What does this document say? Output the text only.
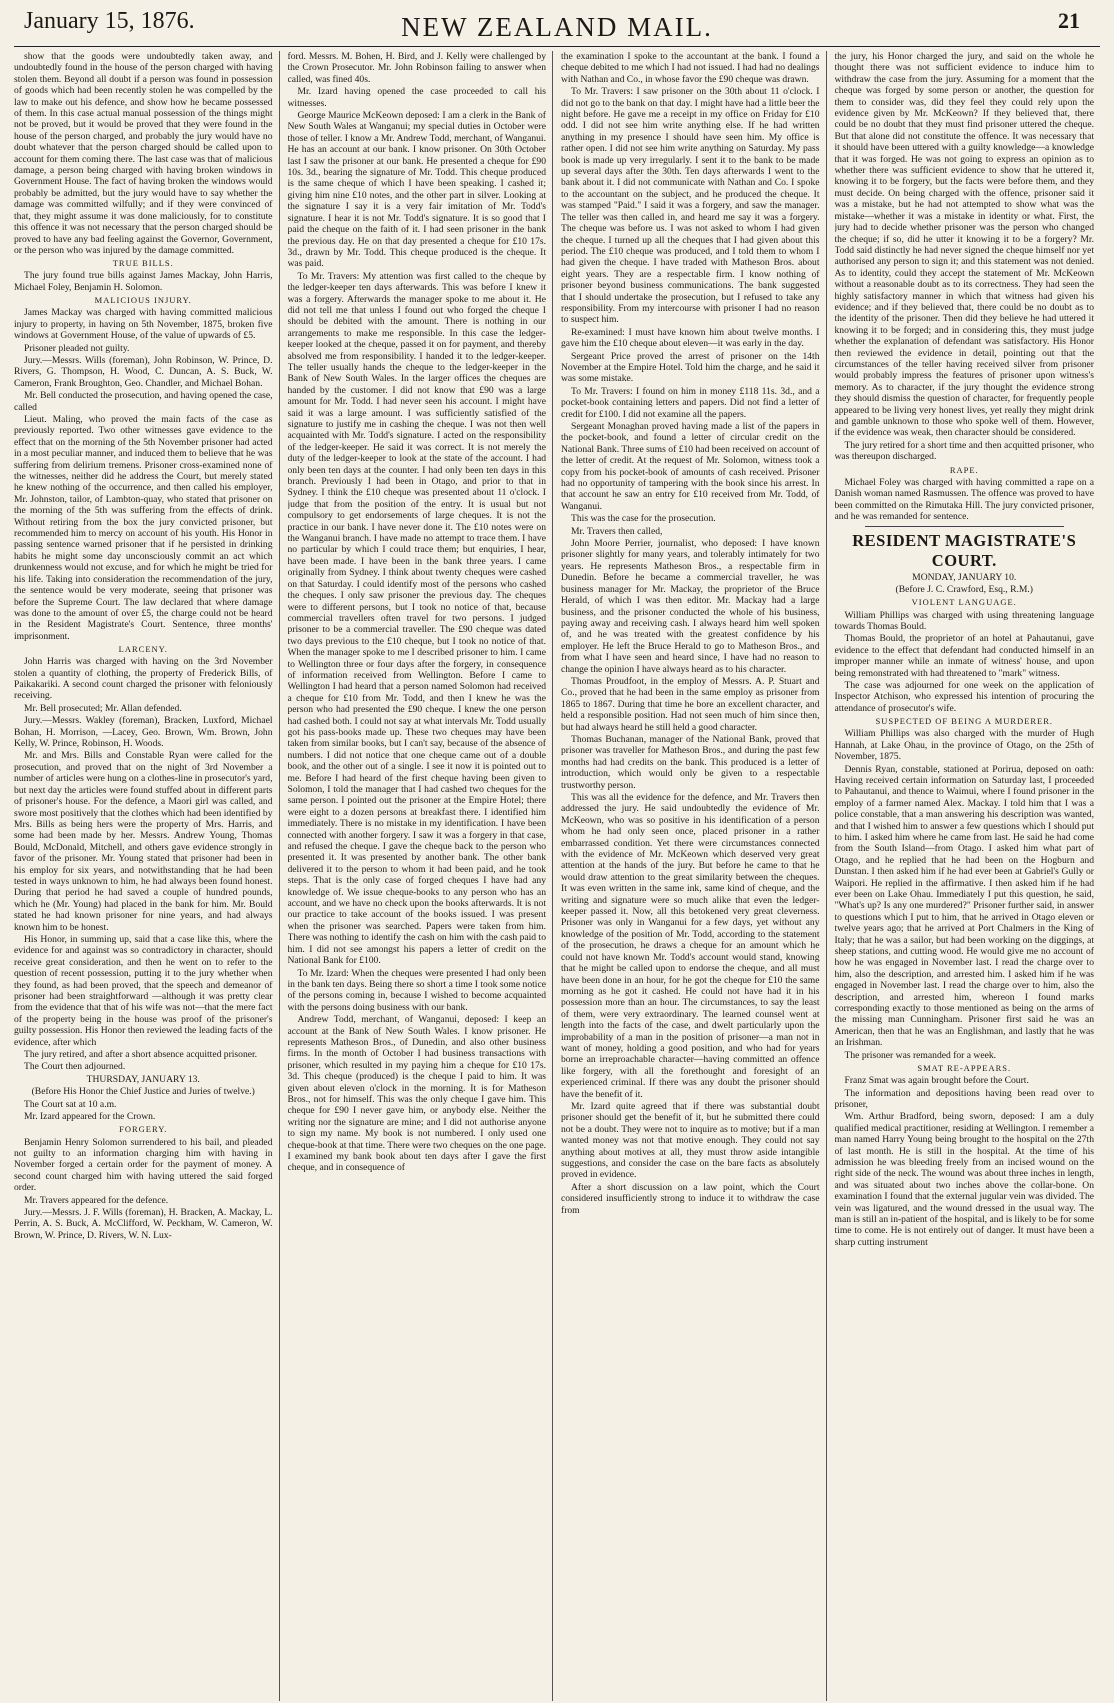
January 15, 1876.	NEW ZEALAND MAIL.	21

show that the goods were undoubtedly taken away, and undoubtedly found in the house of the person charged with having stolen them. Beyond all doubt if a person was found in possession of goods which had been recently stolen he was compelled by the law to make out his defence, and show how he became possessed of them. In this case actual manual possession of the things might not be proved, but it would be proved that they were found in the house of the person charged, and probably the jury would have no doubt whatever that the person charged should be called upon to account for them coming there. The last case was that of malicious damage, a person being charged with having broken windows in Government House. The fact of having broken the windows would probably be admitted, but the jury would have to say whether the damage was committed wilfully; and if they were convinced of that, they might assume it was done maliciously, for to constitute this offence it was not necessary that the person charged should be proved to have any bad feeling against the Governor, Government, or the person who was injured by the damage committed.

TRUE BILLS.

The jury found true bills against James Mackay, John Harris, Michael Foley, Benjamin H. Solomon.

MALICIOUS INJURY.

James Mackay was charged with having committed malicious injury to property, in having on 5th November, 1875, broken five windows at Government House, of the value of upwards of £5.

Prisoner pleaded not guilty.

Jury.—Messrs. Wills (foreman), John Robinson, W. Prince, D. Rivers, G. Thompson, H. Wood, C. Duncan, A. S. Buck, W. Cameron, Frank Broughton, Geo. Chandler, and Michael Bohan.

Mr. Bell conducted the prosecution, and having opened the case, called

Lieut. Maling, who proved the main facts of the case as previously reported. Two other witnesses gave evidence to the effect that on the morning of the 5th November prisoner had acted in a most peculiar manner, and induced them to believe that he was suffering from delirium tremens. Prisoner cross-examined none of the witnesses, neither did he address the Court, but merely stated he knew nothing of the occurrence, and then called his employer, Mr. Johnston, tailor, of Lambton-quay, who stated that prisoner on the morning of the 5th was suffering from the effects of drink. Without retiring from the box the jury convicted prisoner, but recommended him to mercy on account of his youth. His Honor in passing sentence warned prisoner that if he persisted in drinking habits he might some day unconsciously commit an act which drunkenness would not excuse, and for which he might be tried for his life. Taking into consideration the recommendation of the jury, the sentence would be very moderate, seeing that prisoner was before the Supreme Court. The law declared that where damage was done to the amount of over £5, the charge could not be heard in the Resident Magistrate's Court. Sentence, three months' imprisonment.

LARCENY.

John Harris was charged with having on the 3rd November stolen a quantity of clothing, the property of Frederick Bills, of Paikakariki. A second count charged the prisoner with feloniously receiving.

Mr. Bell prosecuted; Mr. Allan defended.

Jury.—Messrs. Wakley (foreman), Bracken, Luxford, Michael Bohan, H. Morrison, —Lacey, Geo. Brown, Wm. Brown, John Kelly, W. Prince, Robinson, H. Woods.

Mr. and Mrs. Bills and Constable Ryan were called for the prosecution, and proved that on the night of 3rd November a number of articles were hung on a clothes-line in prosecutor's yard, but next day the articles were found stuffed about in different parts of prisoner's house. For the defence, a Maori girl was called, and swore most positively that the clothes which had been identified by Mrs. Bills as being hers were the property of Mrs. Harris, and some had been made by her. Messrs. Andrew Young, Thomas Bould, McDonald, Mitchell, and others gave evidence strongly in favor of the prisoner. Mr. Young stated that prisoner had been in his employ for six years, and notwithstanding that he had been tested in ways unknown to him, he had always been found honest. During that period he had saved a couple of hundred pounds, which he (Mr. Young) had placed in the bank for him. Mr. Bould stated he had known prisoner for nine years, and had always known him to be honest.

His Honor, in summing up, said that a case like this, where the evidence for and against was so contradictory in character, should receive great consideration, and then he went on to refer to the question of recent possession, putting it to the jury whether when they found, as had been proved, that the speech and demeanor of prisoner had been straightforward —although it was pretty clear from the evidence that that of his wife was not—that the mere fact of the property being in the house was proof of the prisoner's guilty possession. His Honor then reviewed the leading facts of the evidence, after which

The jury retired, and after a short absence acquitted prisoner.

The Court then adjourned.

THURSDAY, JANUARY 13.

(Before His Honor the Chief Justice and Juries of twelve.)

The Court sat at 10 a.m.

Mr. Izard appeared for the Crown.

FORGERY.

Benjamin Henry Solomon surrendered to his bail, and pleaded not guilty to an information charging him with having in November forged a certain order for the payment of money. A second count charged him with having uttered the said forged order.

Mr. Travers appeared for the defence.

Jury.—Messrs. J. F. Wills (foreman), H. Bracken, A. Mackay, L. Perrin, A. S. Buck, A. McClifford, W. Peckham, W. Cameron, W. Brown, W. Prince, D. Rivers, W. N. Lux-

ford. Messrs. M. Bohen, H. Bird, and J. Kelly were challenged by the Crown Prosecutor. Mr. John Robinson failing to answer when called, was fined 40s.

Mr. Izard having opened the case proceeded to call his witnesses.

George Maurice McKeown deposed: I am a clerk in the Bank of New South Wales at Wanganui; my special duties in October were those of teller. I know a Mr. Andrew Todd, merchant, of Wanganui. He has an account at our bank. I know prisoner. On 30th October last I saw the prisoner at our bank. He presented a cheque for £90 10s. 3d., bearing the signature of Mr. Todd. This cheque produced is the same cheque of which I have been speaking. I cashed it; giving him nine £10 notes, and the other part in silver. Looking at the signature I say it is a very fair imitation of Mr. Todd's signature. I hear it is not Mr. Todd's signature. It is so good that I paid the cheque on the faith of it. I had seen prisoner in the bank the previous day. He on that day presented a cheque for £10 17s. 3d., drawn by Mr. Todd. This cheque produced is the cheque. It was paid.

To Mr. Travers: My attention was first called to the cheque by the ledger-keeper ten days afterwards. This was before I knew it was a forgery. Afterwards the manager spoke to me about it. He did not tell me that unless I found out who forged the cheque I should be debited with the amount. There is nothing in our arrangements to make me responsible. In this case the ledger-keeper looked at the cheque, passed it on for payment, and thereby absolved me from responsibility. I handed it to the ledger-keeper. The teller usually hands the cheque to the ledger-keeper in the Bank of New South Wales. In the larger offices the cheques are handed by the customer. I did not know that £90 was a large amount for Mr. Todd. I had never seen his account. I might have said it was a large amount. I was sufficiently satisfied of the signature to justify me in cashing the cheque. I was not then well acquainted with Mr. Todd's signature. I acted on the responsibility of the ledger-keeper. He said it was correct. It is not merely the duty of the ledger-keeper to look at the state of the account. I had only been ten days at the counter. I had only been ten days in this branch. Previously I had been in Otago, and prior to that in Sydney. I think the £10 cheque was presented about 11 o'clock. I judge that from the position of the entry. It is usual but not compulsory to get endorsements of large cheques. It is not the practice in our bank. I have never done it. The £10 notes were on the Wanganui branch. I have made no attempt to trace them. I have no particular by which I could trace them; but enquiries, I hear, have been made. I have been in the bank three years. I came originally from Sydney. I think about twenty cheques were cashed on that Saturday. I could identify most of the persons who cashed the cheques. I only saw prisoner the previous day. The cheques were to different persons, but I took no notice of that, because commercial travellers often travel for two persons. I judged prisoner to be a commercial traveller. The £90 cheque was dated two days previous to the £10 cheque, but I took no notice of that. When the manager spoke to me I described prisoner to him. I came to Wellington three or four days after the forgery, in consequence of information received from Wellington. Before I came to Wellington I had heard that a person named Solomon had received a cheque for £10 from Mr. Todd, and then I knew he was the person who had presented the £90 cheque. I knew the one person had cashed both. I could not say at what intervals Mr. Todd usually got his pass-books made up. These two cheques may have been taken from similar books, but I can't say, because of the absence of numbers. I did not notice that one cheque came out of a double book, and the other out of a single. I see it now it is pointed out to me. Before I had heard of the first cheque having been given to Solomon, I told the manager that I had cashed two cheques for the same person. I pointed out the prisoner at the Empire Hotel; there were eight to a dozen persons at breakfast there. I identified him immediately. There is no mistake in my identification. I have been connected with another forgery. I saw it was a forgery in that case, and refused the cheque. I gave the cheque back to the person who presented it. It was presented by another bank. The other bank delivered it to the person to whom it had been paid, and he took steps. That is the only case of forged cheques I have had any knowledge of. We issue cheque-books to any person who has an account, and we have no check upon the books afterwards. It is not our practice to take account of the books issued. I was present when the prisoner was searched. Papers were taken from him. There was nothing to identify the cash on him with the cash paid to him. I did not see amongst his papers a letter of credit on the National Bank for £100.

To Mr. Izard: When the cheques were presented I had only been in the bank ten days. Being there so short a time I took some notice of the persons coming in, because I wished to become acquainted with the persons doing business with our bank.

Andrew Todd, merchant, of Wanganui, deposed: I keep an account at the Bank of New South Wales. I know prisoner. He represents Matheson Bros., of Dunedin, and also other business firms. In the month of October I had business transactions with prisoner, which resulted in my paying him a cheque for £10 17s. 3d. This cheque (produced) is the cheque I paid to him. It was given about eleven o'clock in the morning. It is for Matheson Bros., not for himself. This was the only cheque I gave him. This cheque for £90 I never gave him, or anybody else. Neither the writing nor the signature are mine; and I did not authorise anyone to sign my name. My book is not numbered. I only used one cheque-book at that time. There were two cheques on the one page. I examined my bank book about ten days after I gave the first cheque, and in consequence of

the examination I spoke to the accountant at the bank. I found a cheque debited to me which I had not issued. I had had no dealings with Nathan and Co., in whose favor the £90 cheque was drawn.

To Mr. Travers: I saw prisoner on the 30th about 11 o'clock. I did not go to the bank on that day. I might have had a little beer the night before. He gave me a receipt in my office on Friday for £10 odd. I did not see him write anything else. If he had written anything in my presence I should have seen him. My office is rather open. I did not see him write anything on Saturday. My pass book is made up very irregularly. I sent it to the bank to be made up several days after the 30th. Ten days afterwards I went to the bank about it. I did not communicate with Nathan and Co. I spoke to the accountant on the subject, and he produced the cheque. It was stamped "Paid." I said it was a forgery, and saw the manager. The teller was then called in, and heard me say it was a forgery. The cheque was before us. I was not asked to whom I had given the cheque. I turned up all the cheques that I had given about this period. The £10 cheque was produced, and I told them to whom I had given the cheque. I have traded with Matheson Bros. about eight years. They are a respectable firm. I know nothing of prisoner beyond business communications. The bank suggested that I should undertake the prosecution, but I refused to take any responsibility. From my intercourse with prisoner I had no reason to suspect him.

Re-examined: I must have known him about twelve months. I gave him the £10 cheque about eleven—it was early in the day.

Sergeant Price proved the arrest of prisoner on the 14th November at the Empire Hotel. Told him the charge, and he said it was some mistake.

To Mr. Travers: I found on him in money £118 11s. 3d., and a pocket-book containing letters and papers. Did not find a letter of credit for £100. I did not examine all the papers.

Sergeant Monaghan proved having made a list of the papers in the pocket-book, and found a letter of circular credit on the National Bank. Three sums of £10 had been received on account of the letter of credit. At the request of Mr. Solomon, witness took a copy from his pocket-book of amounts of cash received. Prisoner had no opportunity of tampering with the book since his arrest. In that account he saw an entry for £10 received from Mr. Todd, of Wanganui.

This was the case for the prosecution.

Mr. Travers then called,

John Moore Perrier, journalist, who deposed: I have known prisoner slightly for many years, and tolerably intimately for two years. He represents Matheson Bros., a respectable firm in Dunedin. Before he became a commercial traveller, he was business manager for Mr. Mackay, the proprietor of the Bruce Herald, of which I was then editor. Mr. Mackay had a large business, and the prisoner conducted the whole of his business, paying away and receiving cash. I always heard him well spoken of, and he was treated with the greatest confidence by his employer. He left the Bruce Herald to go to Matheson Bros., and from what I have seen and heard since, I have had no reason to change the opinion I have always heard as to his character.

Thomas Proudfoot, in the employ of Messrs. A. P. Stuart and Co., proved that he had been in the same employ as prisoner from 1865 to 1867. During that time he bore an excellent character, and held a responsible position. Had not seen much of him since then, but had always heard he still held a good character.

Thomas Buchanan, manager of the National Bank, proved that prisoner was traveller for Matheson Bros., and during the past few months had had credits on the bank. This produced is a letter of introduction, which would only be given to a respectable trustworthy person.

This was all the evidence for the defence, and Mr. Travers then addressed the jury. He said undoubtedly the evidence of Mr. McKeown, who was so positive in his identification of a person whom he had only seen once, placed prisoner in a rather embarrassed condition. Yet there were circumstances connected with the evidence of Mr. McKeown which deserved very great attention at the hands of the jury. But before he came to that he would draw attention to the great similarity between the cheques. It was even written in the same ink, same kind of cheque, and the writing and signature were so much alike that even the ledger-keeper passed it. Now, all this betokened very great cleverness. Prisoner was only in Wanganui for a few days, yet without any knowledge of the position of Mr. Todd, according to the statement of the prosecution, he draws a cheque for an amount which he could not have known Mr. Todd's account would stand, knowing that he might be called upon to endorse the cheque, and all must have been done in an hour, for he got the cheque for £10 the same morning as he got it cashed. He could not have had it in his possession more than an hour. The circumstances, to say the least of them, were very extraordinary. The learned counsel went at length into the facts of the case, and dwelt particularly upon the improbability of a man in the position of prisoner—a man not in want of money, holding a good position, and who had for years borne an irreproachable character—having committed an offence like forgery, with all the forethought and foresight of an experienced criminal. If there was any doubt the prisoner should have the benefit of it.

Mr. Izard quite agreed that if there was substantial doubt prisoner should get the benefit of it, but he submitted there could not be a doubt. They were not to inquire as to motive; but if a man wanted money was not that motive enough. They could not say anything about motives at all, they must throw aside intangible suggestions, and consider the case on the bare facts as absolutely proved in evidence.

After a short discussion on a law point, which the Court considered insufficiently strong to induce it to withdraw the case from

the jury, his Honor charged the jury, and said on the whole he thought there was not sufficient evidence to induce him to withdraw the case from the jury. Assuming for a moment that the cheque was forged by some person or another, the question for them to consider was, did they feel they could rely upon the evidence given by Mr. McKeown? If they believed that, there could be no doubt that they must find prisoner uttered the cheque. But that alone did not constitute the offence. It was necessary that it should have been uttered with a guilty knowledge—a knowledge that it was forged. He was not going to express an opinion as to whether there was sufficient evidence to show that he uttered it, knowing it to be forgery, but the facts were before them, and they must decide. On being charged with the offence, prisoner said it was a mistake, but he had not attempted to show what was the mistake—whether it was a mistake in identity or what. First, the jury had to decide whether prisoner was the person who changed the cheque; if so, did he utter it knowing it to be a forgery? Mr. Todd said distinctly he had never signed the cheque himself nor yet authorised any person to sign it; and this statement was not denied. As to identity, could they accept the statement of Mr. McKeown without a reasonable doubt as to its correctness. They had seen the highly satisfactory manner in which that witness had given his evidence; and if they believed that, there could be no doubt as to the identity of the prisoner. Then did they believe he had uttered it knowing it to be forged; and in considering this, they must judge whether the explanation of defendant was satisfactory. His Honor then reviewed the evidence in detail, pointing out that the circumstances of the teller having received silver from prisoner would probably impress the features of prisoner upon witness's memory. As to character, if the jury thought the evidence strong they should dismiss the question of character, for frequently people appeared to be living very honest lives, yet really they might drink and gamble unknown to those who spoke well of them. However, if the evidence was weak, then character should be considered.

The jury retired for a short time and then acquitted prisoner, who was thereupon discharged.

RAPE.

Michael Foley was charged with having committed a rape on a Danish woman named Rasmussen. The offence was proved to have been committed on the Rimutaka Hill. The jury convicted prisoner, and he was remanded for sentence.

RESIDENT MAGISTRATE'S COURT.

MONDAY, JANUARY 10.

(Before J. C. Crawford, Esq., R.M.)

VIOLENT LANGUAGE.

William Phillips was charged with using threatening language towards Thomas Bould.

Thomas Bould, the proprietor of an hotel at Pahautanui, gave evidence to the effect that defendant had conducted himself in an improper manner while an inmate of witness' house, and upon being remonstrated with had threatened to "mark" witness.

The case was adjourned for one week on the application of Inspector Atchison, who expressed his intention of procuring the attendance of prosecutor's wife.

SUSPECTED OF BEING A MURDERER.

William Phillips was also charged with the murder of Hugh Hannah, at Lake Ohau, in the province of Otago, on the 25th of November, 1875.

Dennis Ryan, constable, stationed at Porirua, deposed on oath: Having received certain information on Saturday last, I proceeded to Pahautanui, and thence to Waimui, where I found prisoner in the employ of a farmer named Alex. Mackay. I told him that I was a police constable, that a man answering his description was wanted, and that I wished him to answer a few questions which I should put to him. I asked him where he came from last. He said he had come from the South Island—from Otago. I asked him what part of Otago, and he replied that he had been on the Hogburn and Dunstan. I then asked him if he had ever been at Gabriel's Gully or Waipori. He replied in the affirmative. I then asked him if he had ever been on Lake Ohau. Immediately I put this question, he said, "What's up? Is any one murdered?" Prisoner further said, in answer to questions which I put to him, that he arrived in Otago eleven or twelve years ago; that he arrived at Port Chalmers in the King of Italy; that he was a sailor, but had been working on the diggings, at sheep stations, and cutting wood. He would give me no account of how he was engaged in November last. I read the charge over to him, also the description, and arrested him. I asked him if he was engaged in November last. I read the charge over to him, also the description, and arrested him, whereon I found marks corresponding exactly to those mentioned as being on the arms of the missing man Cunningham. Prisoner first said he was an American, then that he was an Englishman, and lastly that he was an Irishman.

The prisoner was remanded for a week.

SMAT RE-APPEARS.

Franz Smat was again brought before the Court.

The information and depositions having been read over to prisoner,

Wm. Arthur Bradford, being sworn, deposed: I am a duly qualified medical practitioner, residing at Wellington. I remember a man named Harry Young being brought to the hospital on the 27th of last month. He is still in the hospital. At the time of his admission he was bleeding freely from an incised wound on the right side of the neck. The wound was about three inches in length, and was situated about two inches above the collar-bone. On examination I found that the external jugular vein was divided. The vein was ligatured, and the wound dressed in the usual way. The man is still an in-patient of the hospital, and is likely to be for some time to come. He is not entirely out of danger. It must have been a sharp cutting instrument
